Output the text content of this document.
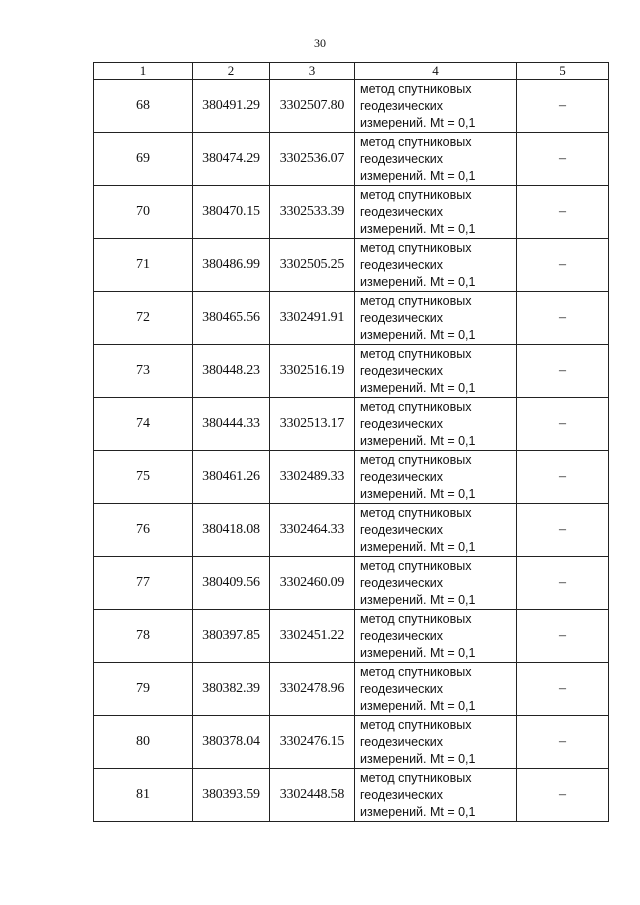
30
1	2	3	4	5
68	380491.29	3302507.80	метод спутниковых
геодезических
измерений. Mt = 0,1	–
69	380474.29	3302536.07	метод спутниковых
геодезических
измерений. Mt = 0,1	–
70	380470.15	3302533.39	метод спутниковых
геодезических
измерений. Mt = 0,1	–
71	380486.99	3302505.25	метод спутниковых
геодезических
измерений. Mt = 0,1	–
72	380465.56	3302491.91	метод спутниковых
геодезических
измерений. Mt = 0,1	–
73	380448.23	3302516.19	метод спутниковых
геодезических
измерений. Mt = 0,1	–
74	380444.33	3302513.17	метод спутниковых
геодезических
измерений. Mt = 0,1	–
75	380461.26	3302489.33	метод спутниковых
геодезических
измерений. Mt = 0,1	–
76	380418.08	3302464.33	метод спутниковых
геодезических
измерений. Mt = 0,1	–
77	380409.56	3302460.09	метод спутниковых
геодезических
измерений. Mt = 0,1	–
78	380397.85	3302451.22	метод спутниковых
геодезических
измерений. Mt = 0,1	–
79	380382.39	3302478.96	метод спутниковых
геодезических
измерений. Mt = 0,1	–
80	380378.04	3302476.15	метод спутниковых
геодезических
измерений. Mt = 0,1	–
81	380393.59	3302448.58	метод спутниковых
геодезических
измерений. Mt = 0,1	–
